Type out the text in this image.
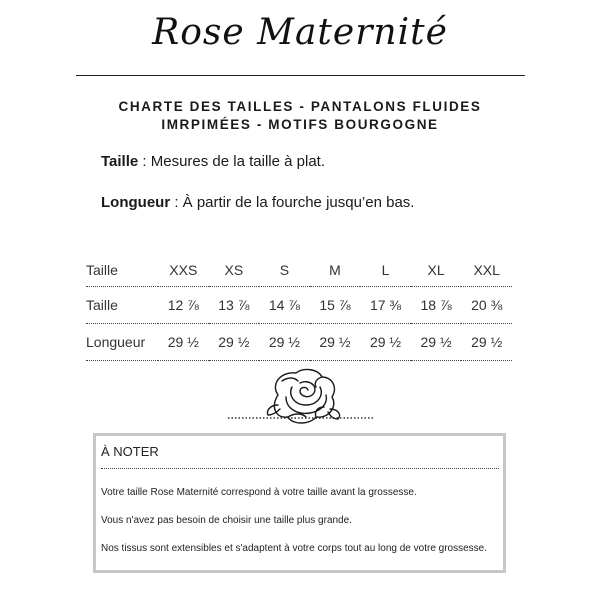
Rose Maternité
CHARTE DES TAILLES - PANTALONS FLUIDES
IMRPIMÉES - MOTIFS BOURGOGNE
Taille : Mesures de la taille à plat.
Longueur : À partir de la fourche jusqu’en bas.
Taille	XXS	XS	S	M	L	XL	XXL
Taille	12 ⅞	13 ⅞	14 ⅞	15 ⅞	17 ⅜	18 ⅞	20 ⅜
Longueur	29 ½	29 ½	29 ½	29 ½	29 ½	29 ½	29 ½
À NOTER
Votre taille Rose Maternité correspond à votre taille avant la grossesse.
Vous n'avez pas besoin de choisir une taille plus grande.
Nos tissus sont extensibles et s'adaptent à votre corps tout au long de votre grossesse.
